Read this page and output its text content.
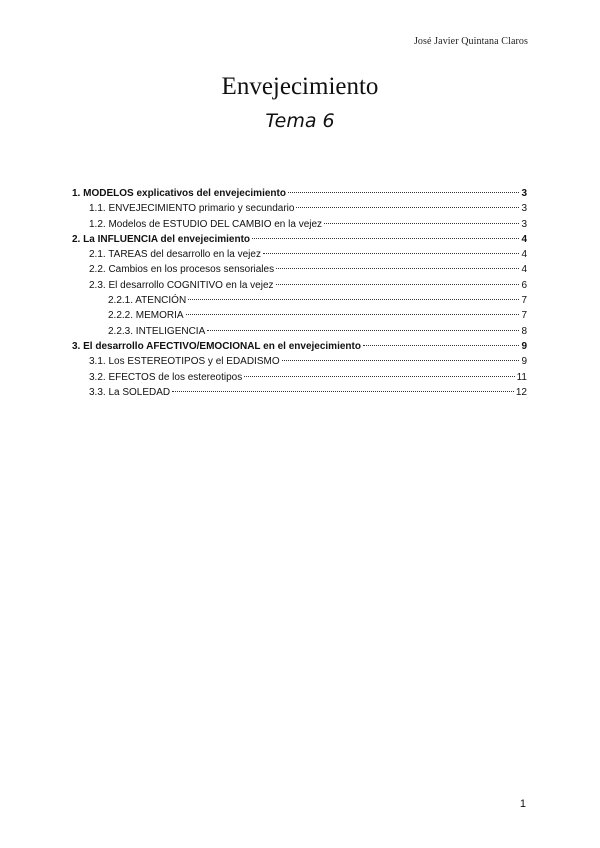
José Javier Quintana Claros
Envejecimiento
Tema 6
1. MODELOS explicativos del envejecimiento	3
1.1. ENVEJECIMIENTO primario y secundario	3
1.2. Modelos de ESTUDIO DEL CAMBIO en la vejez	3
2. La INFLUENCIA del envejecimiento	4
2.1. TAREAS del desarrollo en la vejez	4
2.2. Cambios en los procesos sensoriales	4
2.3. El desarrollo COGNITIVO en la vejez	6
2.2.1. ATENCIÓN	7
2.2.2. MEMORIA	7
2.2.3. INTELIGENCIA	8
3. El desarrollo AFECTIVO/EMOCIONAL en el envejecimiento	9
3.1. Los ESTEREOTIPOS y el EDADISMO	9
3.2. EFECTOS de los estereotipos	11
3.3. La SOLEDAD	12
1
